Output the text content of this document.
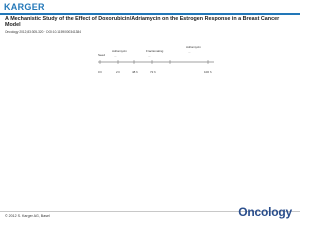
KARGER
A Mechanistic Study of the Effect of Doxorubicin/Adriamycin on the Estrogen Response in a Breast Cancer Model
Oncology 2012;83:305-320 · DOI:10.1159/000341384
Seed
Adriamycin	Fractionating
Adriamycin
...	...
...
0 h	2 h	48 h	72 h	100 h
© 2012 S. Karger AG, Basel	Oncology
